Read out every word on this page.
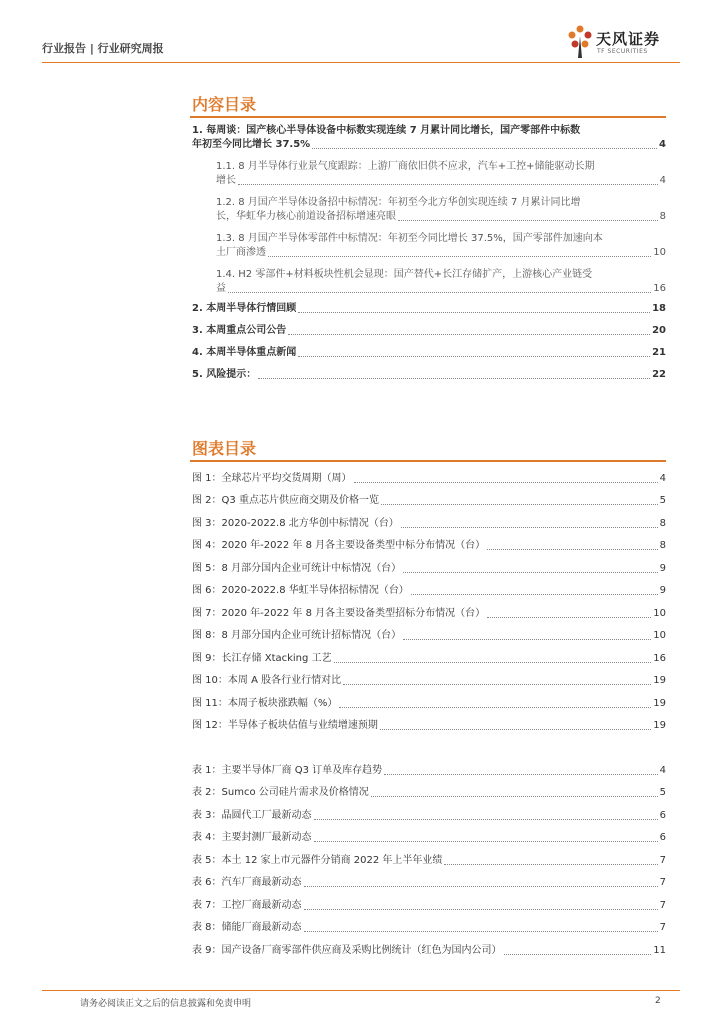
行业报告 | 行业研究周报
天风证券
TF SECURITIES
内容目录
1. 每周谈：国产核心半导体设备中标数实现连续 7 月累计同比增长，国产零部件中标数
年初至今同比增长 37.5%	4
1.1. 8 月半导体行业景气度跟踪：上游厂商依旧供不应求，汽车+工控+储能驱动长期
增长	4
1.2. 8 月国产半导体设备招中标情况：年初至今北方华创实现连续 7 月累计同比增
长，华虹华力核心前道设备招标增速亮眼	8
1.3. 8 月国产半导体零部件中标情况：年初至今同比增长 37.5%，国产零部件加速向本
土厂商渗透	10
1.4. H2 零部件+材料板块性机会显现：国产替代+长江存储扩产，上游核心产业链受
益	16
2. 本周半导体行情回顾	18
3. 本周重点公司公告	20
4. 本周半导体重点新闻	21
5. 风险提示：	22
图表目录
图 1：全球芯片平均交货周期（周）	4
图 2：Q3 重点芯片供应商交期及价格一览	5
图 3：2020-2022.8 北方华创中标情况（台）	8
图 4：2020 年-2022 年 8 月各主要设备类型中标分布情况（台）	8
图 5：8 月部分国内企业可统计中标情况（台）	9
图 6：2020-2022.8 华虹半导体招标情况（台）	9
图 7：2020 年-2022 年 8 月各主要设备类型招标分布情况（台）	10
图 8：8 月部分国内企业可统计招标情况（台）	10
图 9：长江存储 Xtacking 工艺	16
图 10：本周 A 股各行业行情对比	19
图 11：本周子板块涨跌幅（%）	19
图 12：半导体子板块估值与业绩增速预期	19
表 1：主要半导体厂商 Q3 订单及库存趋势	4
表 2：Sumco 公司硅片需求及价格情况	5
表 3：晶圆代工厂最新动态	6
表 4：主要封测厂最新动态	6
表 5：本土 12 家上市元器件分销商 2022 年上半年业绩	7
表 6：汽车厂商最新动态	7
表 7：工控厂商最新动态	7
表 8：储能厂商最新动态	7
表 9：国产设备厂商零部件供应商及采购比例统计（红色为国内公司）	11
请务必阅读正文之后的信息披露和免责申明	2
